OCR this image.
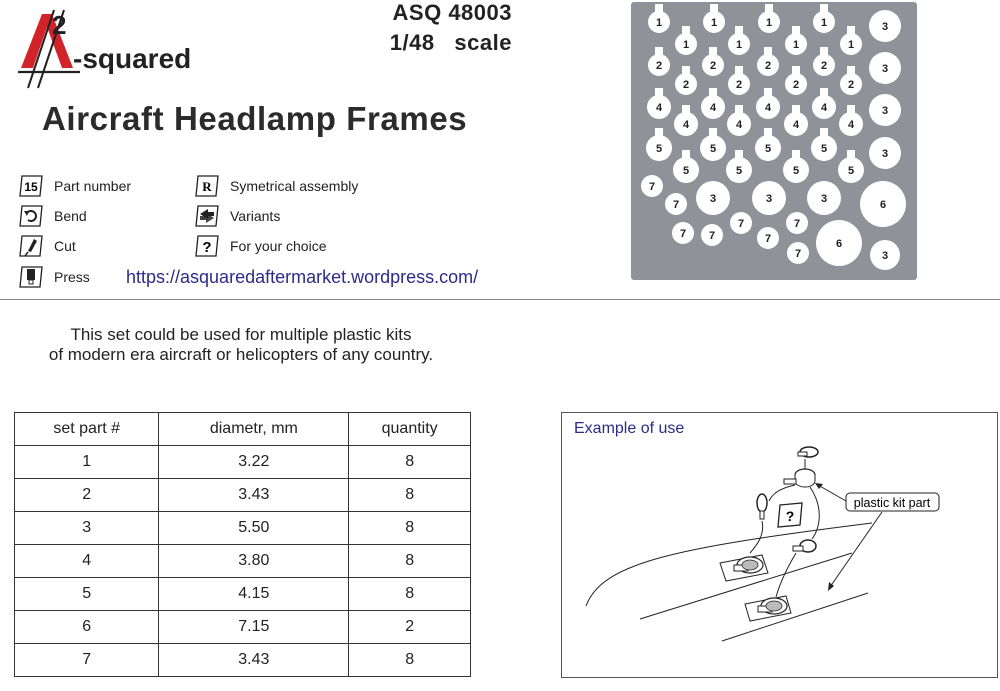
2
-squared
ASQ 48003
1/48   scale
Aircraft Headlamp Frames
15 Part number
Bend
Cut
Press
R Symetrical assembly
Variants
? For your choice
https://asquaredaftermarket.wordpress.com/
1	1	1	1
1	1	1	1
2	2	2	2
2	2	2	2
4	4	4	4
4	4	4	4
5	5	5	5
5	5	5	5
3
3
3
3
3	3	3
3
6
6
7
7
7 7
7
7
7
7
This set could be used for multiple plastic kits
of modern era aircraft or helicopters of any country.
set part #	diametr, mm	quantity
1	3.22	8
2	3.43	8
3	5.50	8
4	3.80	8
5	4.15	8
6	7.15	2
7	3.43	8
?
plastic kit part
Example of use
